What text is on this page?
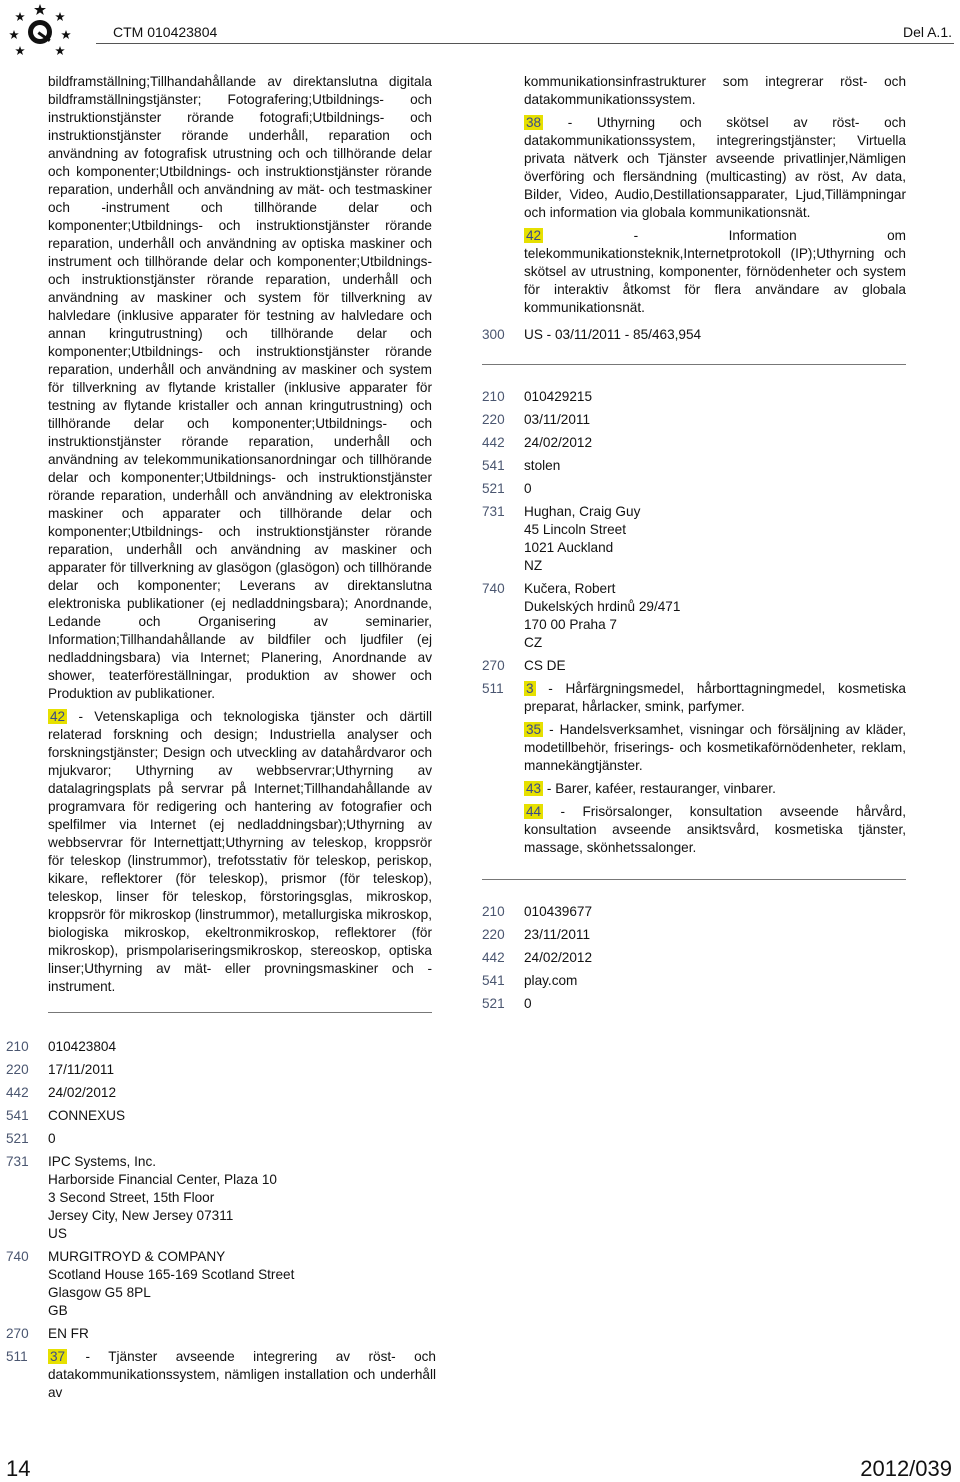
CTM 010423804	Del A.1.

bildframställning;Tillhandahållande av direktanslutna digitala bildframställningstjänster; Fotografering;Utbildnings- och instruktionstjänster rörande fotografi;Utbildnings- och instruktionstjänster rörande underhåll, reparation och användning av fotografisk utrustning och och tillhörande delar och komponenter;Utbildnings- och instruktionstjänster rörande reparation, underhåll och användning av mät- och testmaskiner och -instrument och tillhörande delar och komponenter;Utbildnings- och instruktionstjänster rörande reparation, underhåll och användning av optiska maskiner och instrument och tillhörande delar och komponenter;Utbildnings- och instruktionstjänster rörande reparation, underhåll och användning av maskiner och system för tillverkning av halvledare (inklusive apparater för testning av halvledare och annan kringutrustning) och tillhörande delar och komponenter;Utbildnings- och instruktionstjänster rörande reparation, underhåll och användning av maskiner och system för tillverkning av flytande kristaller (inklusive apparater för testning av flytande kristaller och annan kringutrustning) och tillhörande delar och komponenter;Utbildnings- och instruktionstjänster rörande reparation, underhåll och användning av telekommunikationsanordningar och tillhörande delar och komponenter;Utbildnings- och instruktionstjänster rörande reparation, underhåll och användning av elektroniska maskiner och apparater och tillhörande delar och komponenter;Utbildnings- och instruktionstjänster rörande reparation, underhåll och användning av maskiner och apparater för tillverkning av glasögon (glasögon) och tillhörande delar och komponenter; Leverans av direktanslutna elektroniska publikationer (ej nedladdningsbara); Anordnande, Ledande och Organisering av seminarier, Information;Tillhandahållande av bildfiler och ljudfiler (ej nedladdningsbara) via Internet; Planering, Anordnande av shower, teaterföreställningar, produktion av shower och Produktion av publikationer.

42 - Vetenskapliga och teknologiska tjänster och därtill relaterad forskning och design; Industriella analyser och forskningstjänster; Design och utveckling av datahårdvaror och mjukvaror; Uthyrning av webbservrar;Uthyrning av datalagringsplats på servrar på Internet;Tillhandahållande av programvara för redigering och hantering av fotografier och spelfilmer via Internet (ej nedladdningsbar);Uthyrning av webbservrar för Internettjatt;Uthyrning av teleskop, kroppsrör för teleskop (linstrummor), trefotsstativ för teleskop, periskop, kikare, reflektorer (för teleskop), prismor (för teleskop), teleskop, linser för teleskop, förstoringsglas, mikroskop, kroppsrör för mikroskop (linstrummor), metallurgiska mikroskop, biologiska mikroskop, ekeltronmikroskop, reflektorer (för mikroskop), prismpolariseringsmikroskop, stereoskop, optiska linser;Uthyrning av mät- eller provningsmaskiner och -instrument.

kommunikationsinfrastrukturer som integrerar röst- och datakommunikationssystem.

38 - Uthyrning och skötsel av röst- och datakommunikationssystem, integreringstjänster; Virtuella privata nätverk och Tjänster avseende privatlinjer,Nämligen överföring och flersändning (multicasting) av röst, Av data, Bilder, Video, Audio,Destillationsapparater, Ljud,Tillämpningar och information via globala kommunikationsnät.

42 - Information om telekommunikationsteknik,Internetprotokoll (IP);Uthyrning och skötsel av utrustning, komponenter, förnödenheter och system för interaktiv åtkomst för flera användare av globala kommunikationsnät.

300	US - 03/11/2011 - 85/463,954
210	010429215
220	03/11/2011
442	24/02/2012
541	stolen
521	0
731	Hughan, Craig Guy
45 Lincoln Street
1021 Auckland
NZ
740	Kučera, Robert
Dukelských hrdinů 29/471
170 00 Praha 7
CZ
270	CS DE
511	3 - Hårfärgningsmedel, hårborttagningmedel, kosmetiska preparat, hårlacker, smink, parfymer.

35 - Handelsverksamhet, visningar och försäljning av kläder, modetillbehör, friserings- och kosmetikaförnödenheter, reklam, mannekängtjänster.

43 - Barer, kaféer, restauranger, vinbarer.

44 - Frisörsalonger, konsultation avseende hårvård, konsultation avseende ansiktsvård, kosmetiska tjänster, massage, skönhetssalonger.

210	010439677
220	23/11/2011
442	24/02/2012
541	play.com
521	0
210	010423804
220	17/11/2011
442	24/02/2012
541	CONNEXUS
521	0
731	IPC Systems, Inc.
Harborside Financial Center, Plaza 10
3 Second Street, 15th Floor
Jersey City, New Jersey 07311
US
740	MURGITROYD & COMPANY
Scotland House 165-169 Scotland Street
Glasgow G5 8PL
GB
270	EN FR
511	37 - Tjänster avseende integrering av röst- och datakommunikationssystem, nämligen installation och underhåll av

14	2012/039
